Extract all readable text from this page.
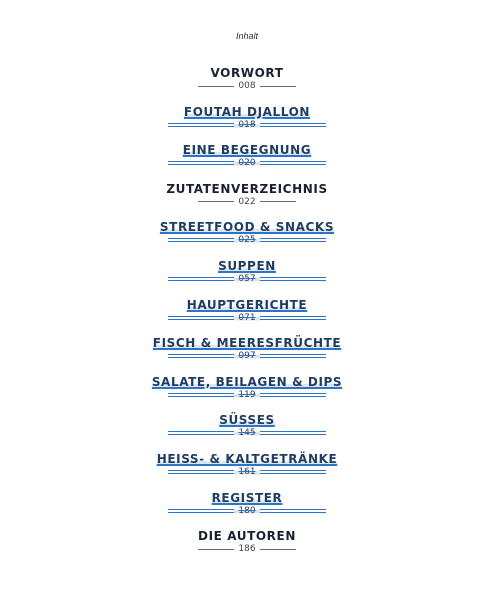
Inhalt
VORWORT
008
FOUTAH DJALLON
018
EINE BEGEGNUNG
020
ZUTATENVERZEICHNIS
022
STREETFOOD & SNACKS
025
SUPPEN
057
HAUPTGERICHTE
071
FISCH & MEERESFRÜCHTE
097
SALATE, BEILAGEN & DIPS
119
SÜSSES
145
HEISS- & KALTGETRÄNKE
161
REGISTER
180
DIE AUTOREN
186
